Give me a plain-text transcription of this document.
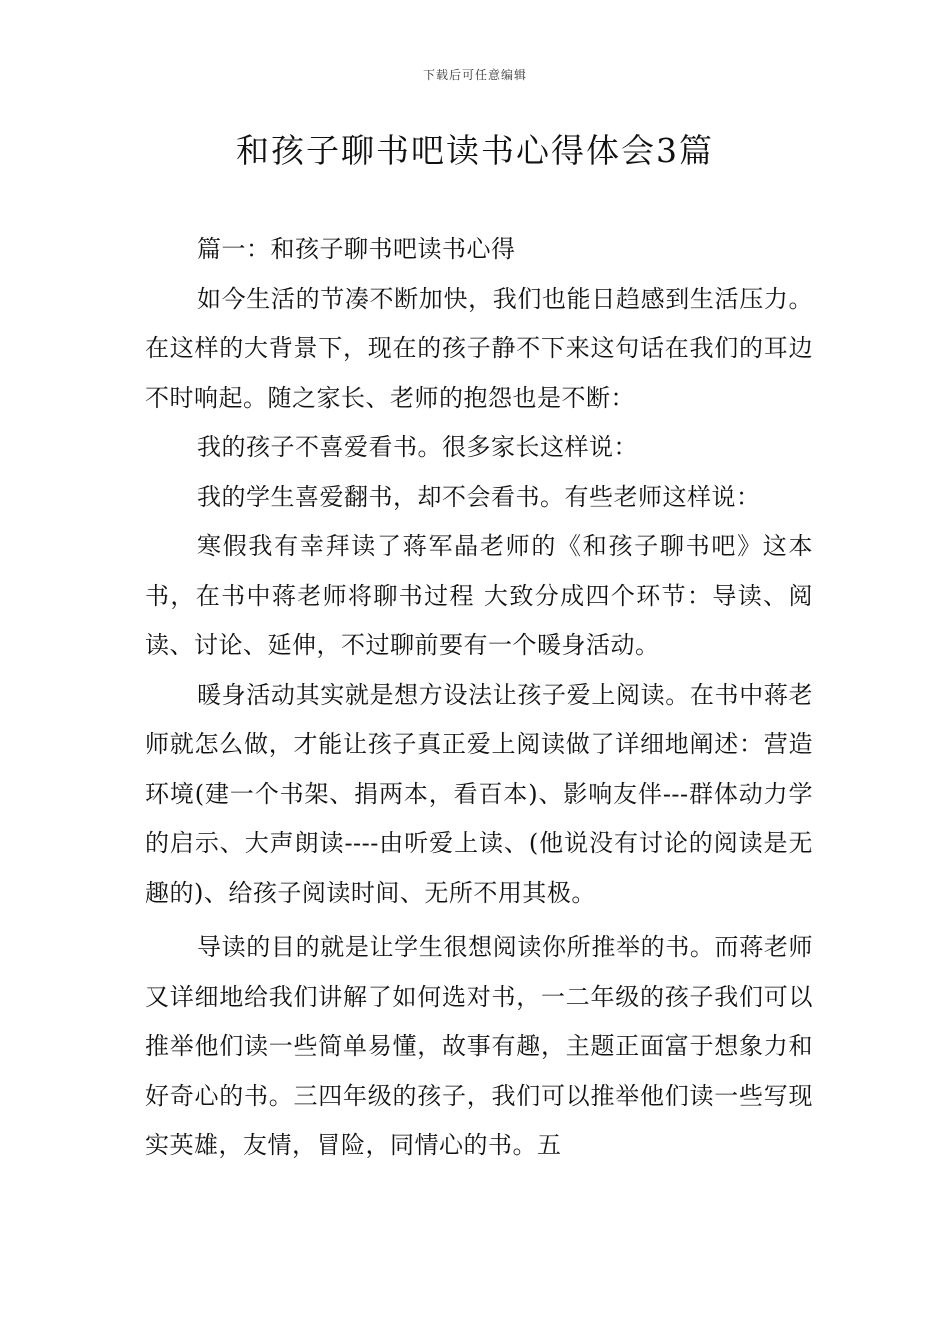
下载后可任意编辑
和孩子聊书吧读书心得体会3篇

篇一：和孩子聊书吧读书心得

如今生活的节凑不断加快，我们也能日趋感到生活压力。在这样的大背景下，现在的孩子静不下来这句话在我们的耳边不时响起。随之家长、老师的抱怨也是不断：

我的孩子不喜爱看书。很多家长这样说：

我的学生喜爱翻书，却不会看书。有些老师这样说：

寒假我有幸拜读了蒋军晶老师的《和孩子聊书吧》这本书，在书中蒋老师将聊书过程 大致分成四个环节：导读、阅读、讨论、延伸，不过聊前要有一个暖身活动。

暖身活动其实就是想方设法让孩子爱上阅读。在书中蒋老师就怎么做，才能让孩子真正爱上阅读做了详细地阐述：营造环境(建一个书架、捐两本，看百本)、影响友伴---群体动力学的启示、大声朗读----由听爱上读、(他说没有讨论的阅读是无趣的)、给孩子阅读时间、无所不用其极。

导读的目的就是让学生很想阅读你所推举的书。而蒋老师又详细地给我们讲解了如何选对书，一二年级的孩子我们可以推举他们读一些简单易懂，故事有趣，主题正面富于想象力和好奇心的书。三四年级的孩子，我们可以推举他们读一些写现实英雄，友情，冒险，同情心的书。五
